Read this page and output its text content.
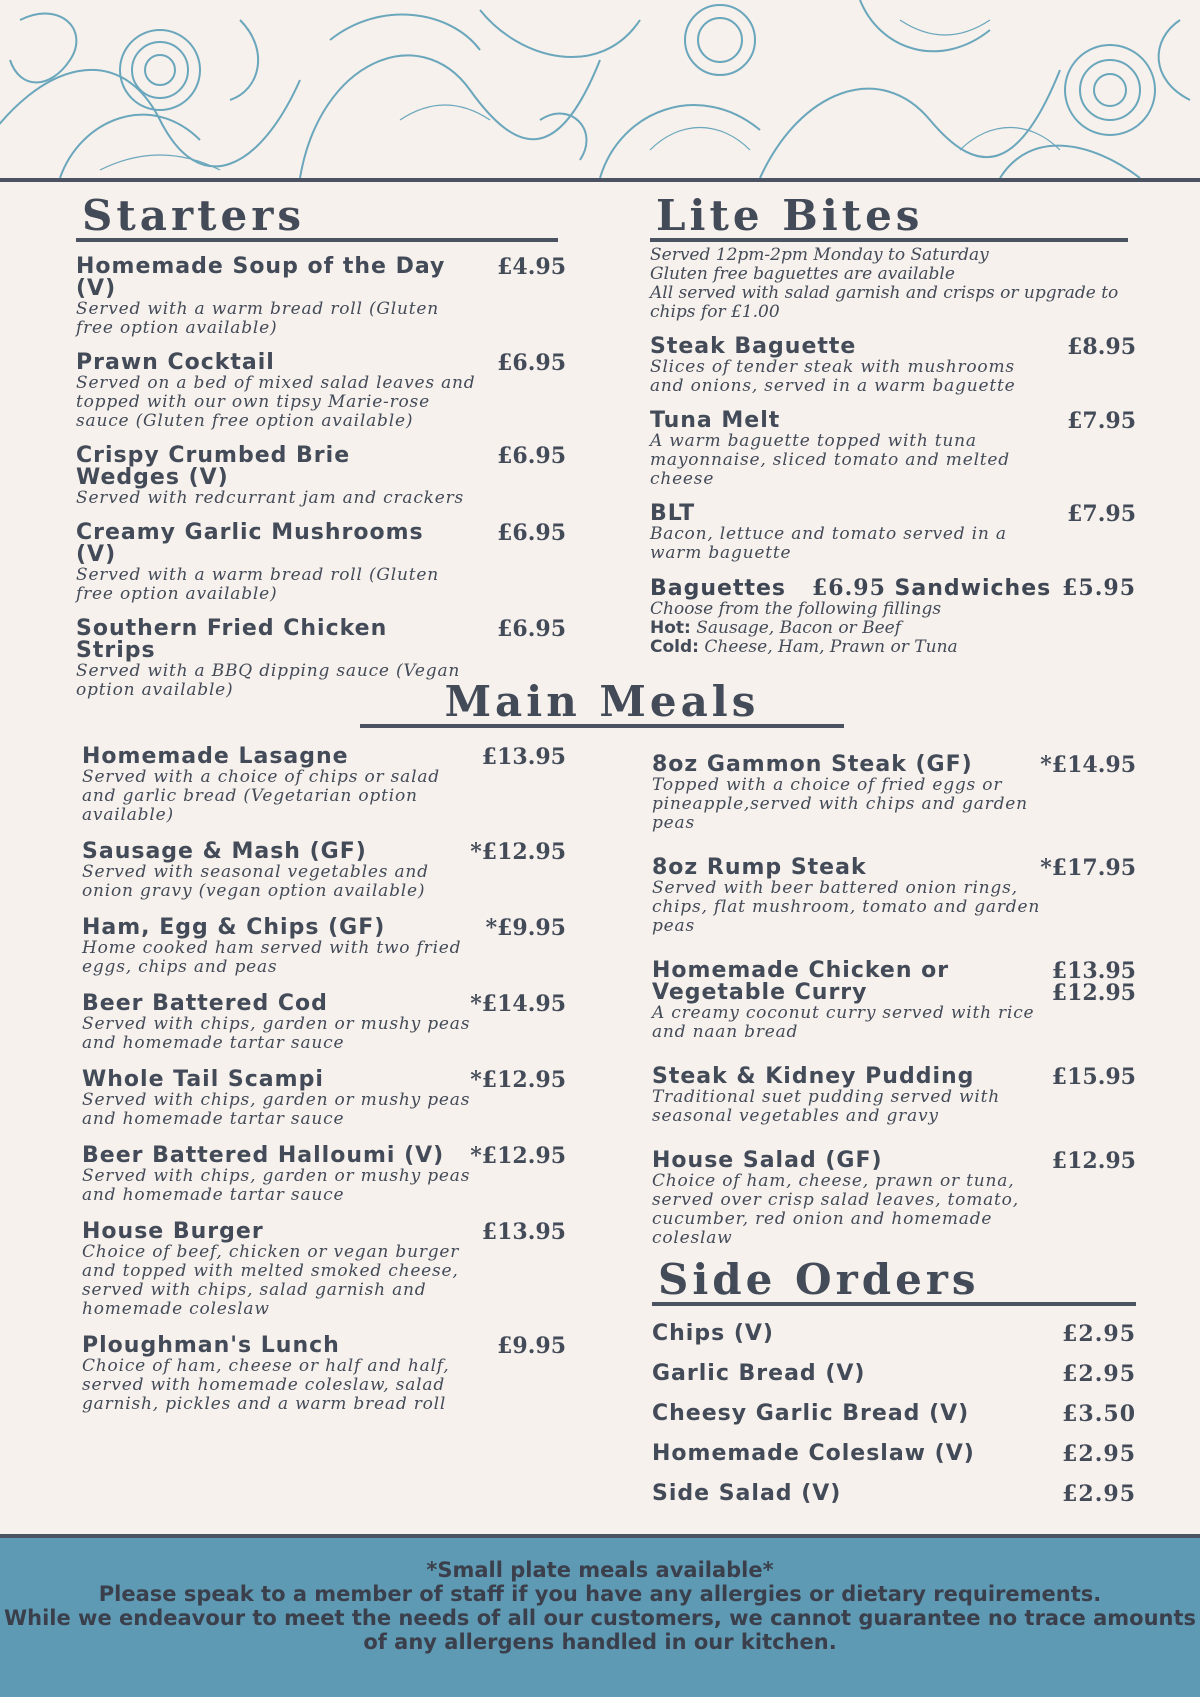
Starters
Homemade Soup of the Day (V)
£4.95
Served with a warm bread roll (Gluten free option available)
Prawn Cocktail	£6.95
Served on a bed of mixed salad leaves and topped with our own tipsy Marie-rose sauce (Gluten free option available)
Crispy Crumbed Brie Wedges (V)
£6.95
Served with redcurrant jam and crackers
Creamy Garlic Mushrooms (V)
£6.95
Served with a warm bread roll (Gluten free option available)
Southern Fried Chicken Strips
£6.95
Served with a BBQ dipping sauce (Vegan option available)
Lite Bites
Served 12pm-2pm Monday to Saturday
Gluten free baguettes are available
All served with salad garnish and crisps or upgrade to chips for £1.00
Steak Baguette	£8.95
Slices of tender steak with mushrooms and onions, served in a warm baguette
Tuna Melt	£7.95
A warm baguette topped with tuna mayonnaise, sliced tomato and melted cheese
BLT	£7.95
Bacon, lettuce and tomato served in a warm baguette
Baguettes £6.95 Sandwiches £5.95
Choose from the following fillings
Hot: Sausage, Bacon or Beef
Cold: Cheese, Ham, Prawn or Tuna
Main Meals
Homemade Lasagne	£13.95
Served with a choice of chips or salad and garlic bread (Vegetarian option available)
Sausage & Mash (GF)	*£12.95
Served with seasonal vegetables and onion gravy (vegan option available)
Ham, Egg & Chips (GF)	*£9.95
Home cooked ham served with two fried eggs, chips and peas
Beer Battered Cod	*£14.95
Served with chips, garden or mushy peas and homemade tartar sauce
Whole Tail Scampi	*£12.95
Served with chips, garden or mushy peas and homemade tartar sauce
Beer Battered Halloumi (V)	*£12.95
Served with chips, garden or mushy peas and homemade tartar sauce
House Burger	£13.95
Choice of beef, chicken or vegan burger and topped with melted smoked cheese, served with chips, salad garnish and homemade coleslaw
Ploughman's Lunch	£9.95
Choice of ham, cheese or half and half, served with homemade coleslaw, salad garnish, pickles and a warm bread roll
8oz Gammon Steak (GF)	*£14.95
Topped with a choice of fried eggs or pineapple,served with chips and garden peas
8oz Rump Steak	*£17.95
Served with beer battered onion rings, chips, flat mushroom, tomato and garden peas
Homemade Chicken or Vegetable Curry
£13.95
£12.95
A creamy coconut curry served with rice and naan bread
Steak & Kidney Pudding	£15.95
Traditional suet pudding served with seasonal vegetables and gravy
House Salad (GF)	£12.95
Choice of ham, cheese, prawn or tuna, served over crisp salad leaves, tomato, cucumber, red onion and homemade coleslaw
Side Orders
Chips (V)	£2.95
Garlic Bread (V)	£2.95
Cheesy Garlic Bread (V)	£3.50
Homemade Coleslaw (V)	£2.95
Side Salad (V)	£2.95
*Small plate meals available*
Please speak to a member of staff if you have any allergies or dietary requirements.
While we endeavour to meet the needs of all our customers, we cannot guarantee no trace amounts of any allergens handled in our kitchen.
